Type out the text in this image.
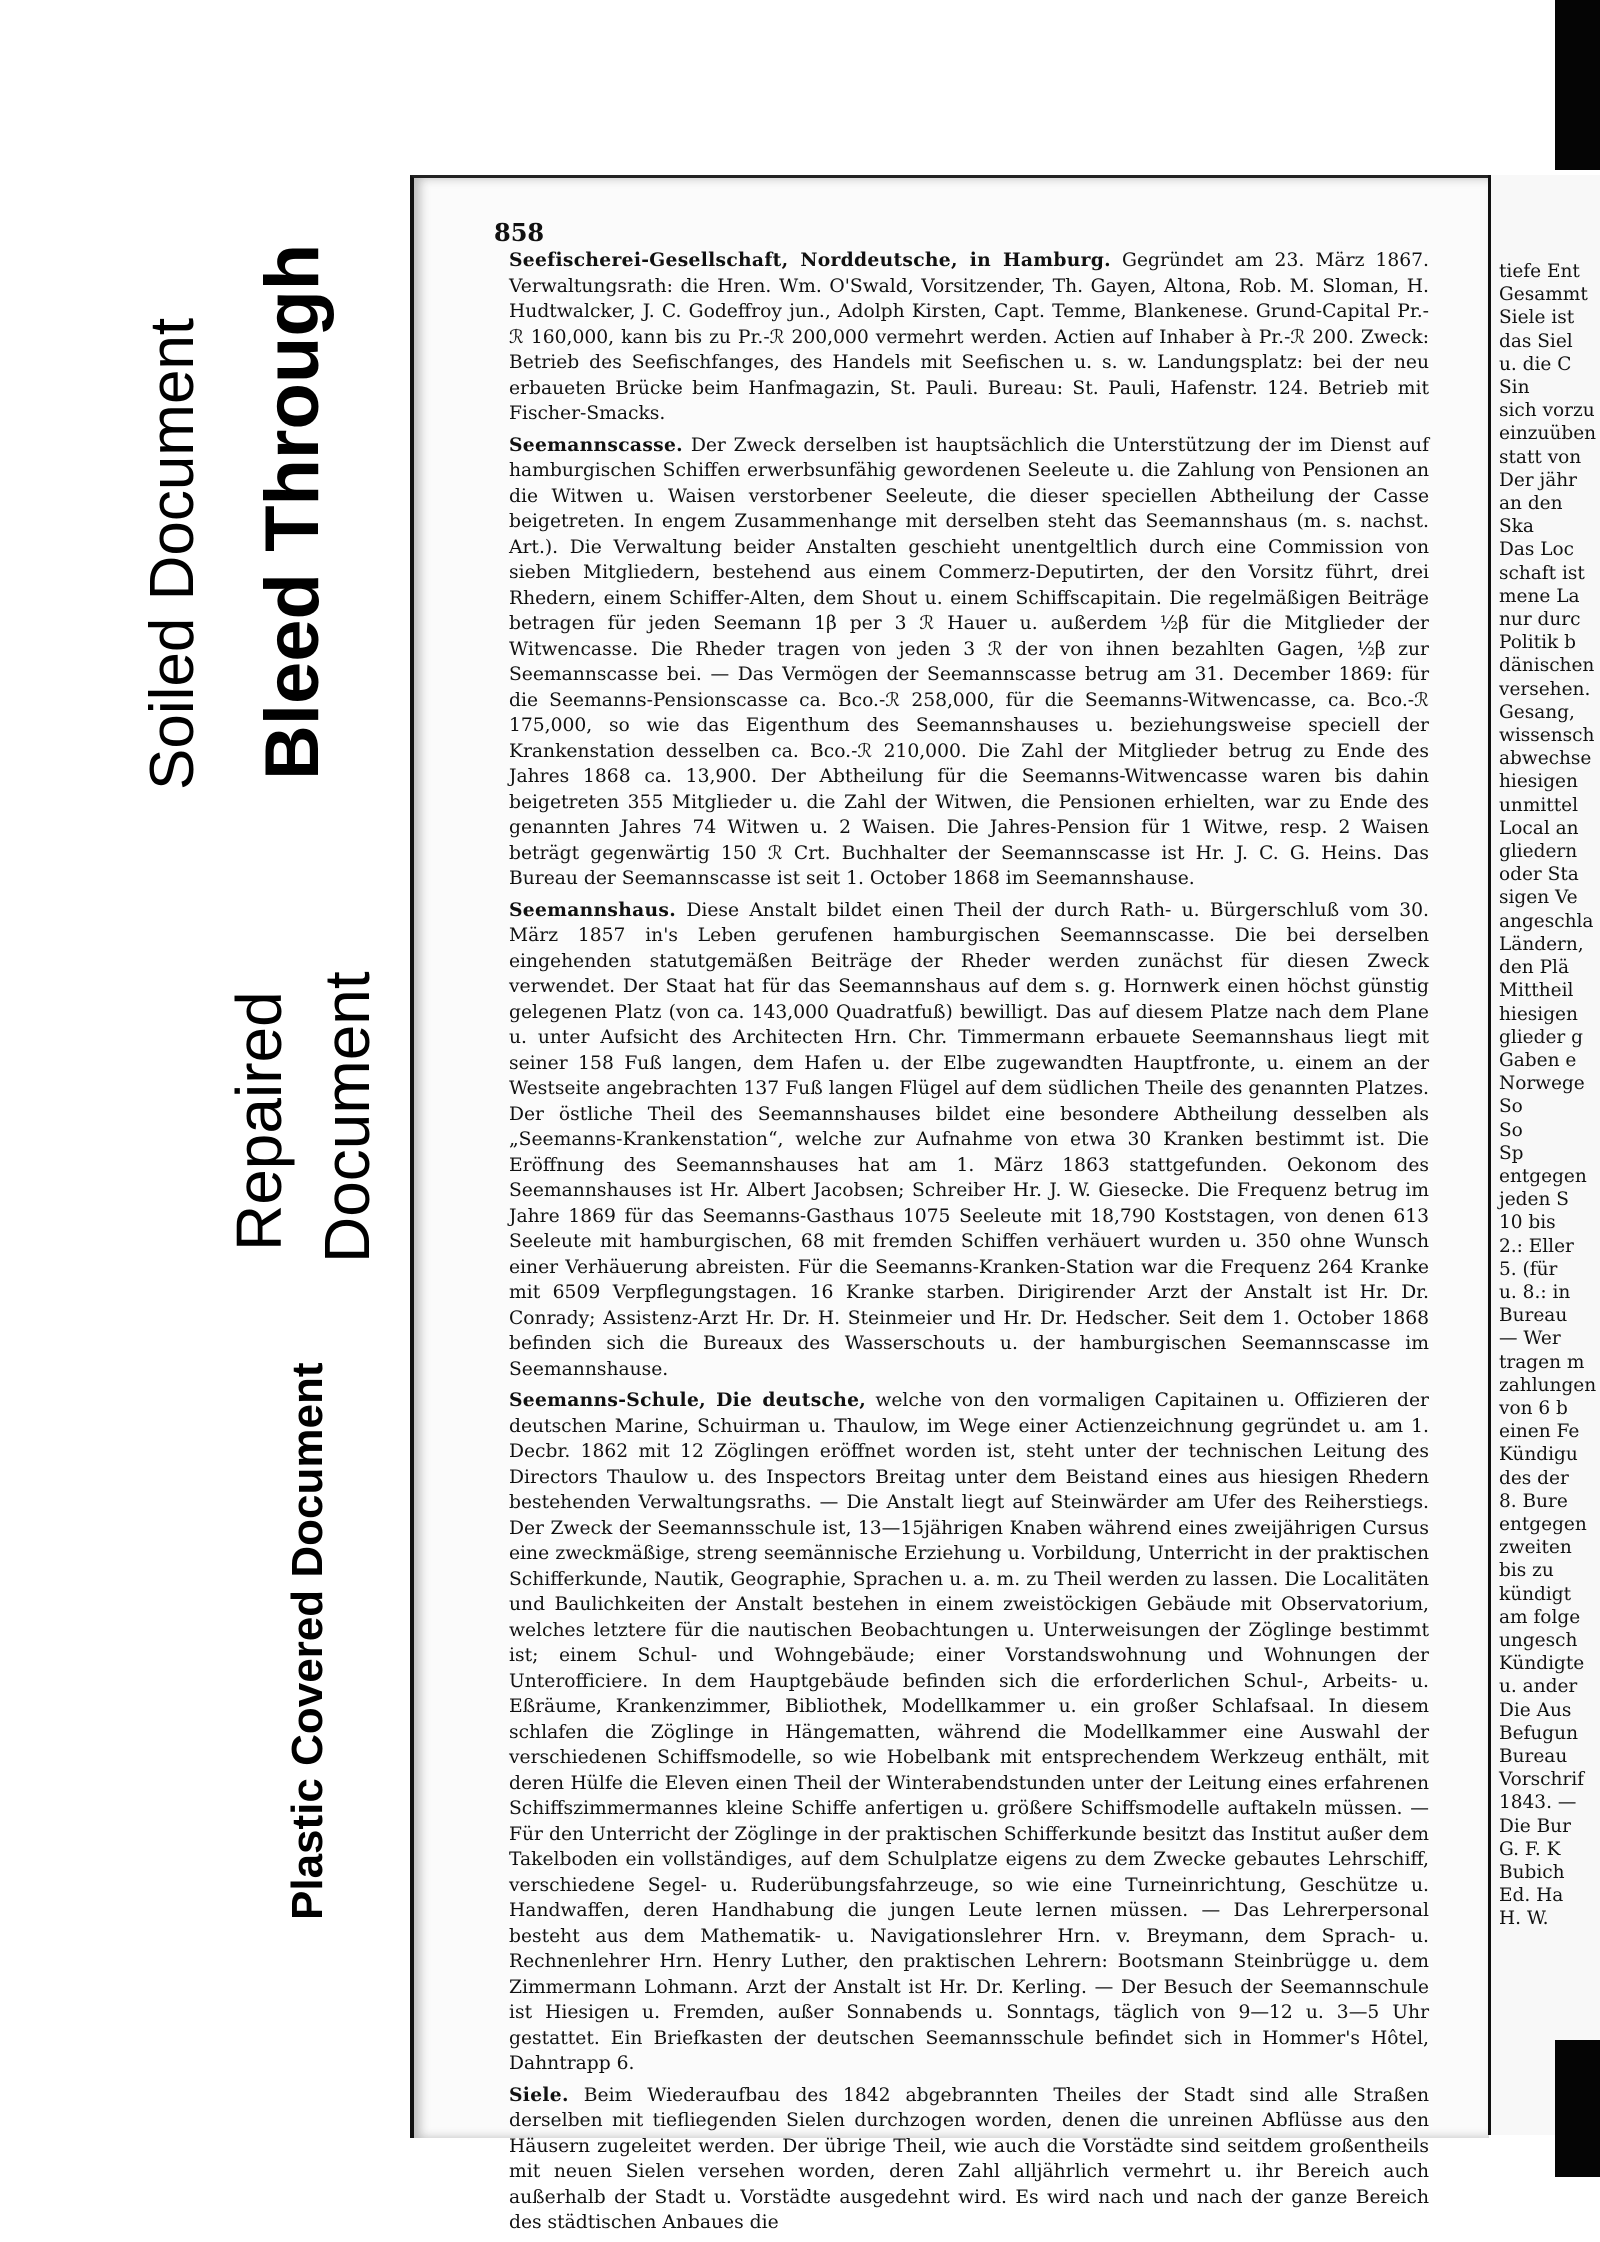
Soiled Document Bleed Through
Repaired Document
Plastic Covered Document
858

Seefischerei-Gesellschaft, Norddeutsche, in Hamburg. Gegründet am 23. März 1867. Verwaltungsrath: die Hren. Wm. O'Swald, Vorsitzender, Th. Gayen, Altona, Rob. M. Sloman, H. Hudtwalcker, J. C. Godeffroy jun., Adolph Kirsten, Capt. Temme, Blankenese. Grund-Capital Pr.-ℛ 160,000, kann bis zu Pr.-ℛ 200,000 vermehrt werden. Actien auf Inhaber à Pr.-ℛ 200. Zweck: Betrieb des Seefischfanges, des Handels mit Seefischen u. s. w. Landungsplatz: bei der neu erbaueten Brücke beim Hanfmagazin, St. Pauli. Bureau: St. Pauli, Hafenstr. 124. Betrieb mit Fischer-Smacks.

Seemannscasse. Der Zweck derselben ist hauptsächlich die Unterstützung der im Dienst auf hamburgischen Schiffen erwerbsunfähig gewordenen Seeleute u. die Zahlung von Pensionen an die Witwen u. Waisen verstorbener Seeleute, die dieser speciellen Abtheilung der Casse beigetreten. In engem Zusammenhange mit derselben steht das Seemannshaus (m. s. nachst. Art.). Die Verwaltung beider Anstalten geschieht unentgeltlich durch eine Commission von sieben Mitgliedern, bestehend aus einem Commerz-Deputirten, der den Vorsitz führt, drei Rhedern, einem Schiffer-Alten, dem Shout u. einem Schiffscapitain. Die regelmäßigen Beiträge betragen für jeden Seemann 1β per 3 ℛ Hauer u. außerdem ½β für die Mitglieder der Witwencasse. Die Rheder tragen von jeden 3 ℛ der von ihnen bezahlten Gagen, ½β zur Seemannscasse bei. — Das Vermögen der Seemannscasse betrug am 31. December 1869: für die Seemanns-Pensionscasse ca. Bco.-ℛ 258,000, für die Seemanns-Witwencasse, ca. Bco.-ℛ 175,000, so wie das Eigenthum des Seemannshauses u. beziehungsweise speciell der Krankenstation desselben ca. Bco.-ℛ 210,000. Die Zahl der Mitglieder betrug zu Ende des Jahres 1868 ca. 13,900. Der Abtheilung für die Seemanns-Witwencasse waren bis dahin beigetreten 355 Mitglieder u. die Zahl der Witwen, die Pensionen erhielten, war zu Ende des genannten Jahres 74 Witwen u. 2 Waisen. Die Jahres-Pension für 1 Witwe, resp. 2 Waisen beträgt gegenwärtig 150 ℛ Crt. Buchhalter der Seemannscasse ist Hr. J. C. G. Heins. Das Bureau der Seemannscasse ist seit 1. October 1868 im Seemannshause.

Seemannshaus. Diese Anstalt bildet einen Theil der durch Rath- u. Bürgerschluß vom 30. März 1857 in's Leben gerufenen hamburgischen Seemannscasse. Die bei derselben eingehenden statutgemäßen Beiträge der Rheder werden zunächst für diesen Zweck verwendet. Der Staat hat für das Seemannshaus auf dem s. g. Hornwerk einen höchst günstig gelegenen Platz (von ca. 143,000 Quadratfuß) bewilligt. Das auf diesem Platze nach dem Plane u. unter Aufsicht des Architecten Hrn. Chr. Timmermann erbauete Seemannshaus liegt mit seiner 158 Fuß langen, dem Hafen u. der Elbe zugewandten Hauptfronte, u. einem an der Westseite angebrachten 137 Fuß langen Flügel auf dem südlichen Theile des genannten Platzes. Der östliche Theil des Seemannshauses bildet eine besondere Abtheilung desselben als „Seemanns-Krankenstation“, welche zur Aufnahme von etwa 30 Kranken bestimmt ist. Die Eröffnung des Seemannshauses hat am 1. März 1863 stattgefunden. Oekonom des Seemannshauses ist Hr. Albert Jacobsen; Schreiber Hr. J. W. Giesecke. Die Frequenz betrug im Jahre 1869 für das Seemanns-Gasthaus 1075 Seeleute mit 18,790 Koststagen, von denen 613 Seeleute mit hamburgischen, 68 mit fremden Schiffen verhäuert wurden u. 350 ohne Wunsch einer Verhäuerung abreisten. Für die Seemanns-Kranken-Station war die Frequenz 264 Kranke mit 6509 Verpflegungstagen. 16 Kranke starben. Dirigirender Arzt der Anstalt ist Hr. Dr. Conrady; Assistenz-Arzt Hr. Dr. H. Steinmeier und Hr. Dr. Hedscher. Seit dem 1. October 1868 befinden sich die Bureaux des Wasserschouts u. der hamburgischen Seemannscasse im Seemannshause.

Seemanns-Schule, Die deutsche, welche von den vormaligen Capitainen u. Offizieren der deutschen Marine, Schuirman u. Thaulow, im Wege einer Actienzeichnung gegründet u. am 1. Decbr. 1862 mit 12 Zöglingen eröffnet worden ist, steht unter der technischen Leitung des Directors Thaulow u. des Inspectors Breitag unter dem Beistand eines aus hiesigen Rhedern bestehenden Verwaltungsraths. — Die Anstalt liegt auf Steinwärder am Ufer des Reiherstiegs. Der Zweck der Seemannsschule ist, 13—15jährigen Knaben während eines zweijährigen Cursus eine zweckmäßige, streng seemännische Erziehung u. Vorbildung, Unterricht in der praktischen Schifferkunde, Nautik, Geographie, Sprachen u. a. m. zu Theil werden zu lassen. Die Localitäten und Baulichkeiten der Anstalt bestehen in einem zweistöckigen Gebäude mit Observatorium, welches letztere für die nautischen Beobachtungen u. Unterweisungen der Zöglinge bestimmt ist; einem Schul- und Wohngebäude; einer Vorstandswohnung und Wohnungen der Unterofficiere. In dem Hauptgebäude befinden sich die erforderlichen Schul-, Arbeits- u. Eßräume, Krankenzimmer, Bibliothek, Modellkammer u. ein großer Schlafsaal. In diesem schlafen die Zöglinge in Hängematten, während die Modellkammer eine Auswahl der verschiedenen Schiffsmodelle, so wie Hobelbank mit entsprechendem Werkzeug enthält, mit deren Hülfe die Eleven einen Theil der Winterabendstunden unter der Leitung eines erfahrenen Schiffszimmermannes kleine Schiffe anfertigen u. größere Schiffsmodelle auftakeln müssen. — Für den Unterricht der Zöglinge in der praktischen Schifferkunde besitzt das Institut außer dem Takelboden ein vollständiges, auf dem Schulplatze eigens zu dem Zwecke gebautes Lehrschiff, verschiedene Segel- u. Ruderübungsfahrzeuge, so wie eine Turneinrichtung, Geschütze u. Handwaffen, deren Handhabung die jungen Leute lernen müssen. — Das Lehrerpersonal besteht aus dem Mathematik- u. Navigationslehrer Hrn. v. Breymann, dem Sprach- u. Rechnenlehrer Hrn. Henry Luther, den praktischen Lehrern: Bootsmann Steinbrügge u. dem Zimmermann Lohmann. Arzt der Anstalt ist Hr. Dr. Kerling. — Der Besuch der Seemannschule ist Hiesigen u. Fremden, außer Sonnabends u. Sonntags, täglich von 9—12 u. 3—5 Uhr gestattet. Ein Briefkasten der deutschen Seemannsschule befindet sich in Hommer's Hôtel, Dahntrapp 6.

Siele. Beim Wiederaufbau des 1842 abgebrannten Theiles der Stadt sind alle Straßen derselben mit tiefliegenden Sielen durchzogen worden, denen die unreinen Abflüsse aus den Häusern zugeleitet werden. Der übrige Theil, wie auch die Vorstädte sind seitdem großentheils mit neuen Sielen versehen worden, deren Zahl alljährlich vermehrt u. ihr Bereich auch außerhalb der Stadt u. Vorstädte ausgedehnt wird. Es wird nach und nach der ganze Bereich des städtischen Anbaues die

tiefe Ent
Gesammt
Siele ist
das Siel
u. die C
Sin
sich vorzu
einzuüben
statt von
Der jähr
an den
Ska
Das Loc
schaft ist
mene La
nur durc
Politik b
dänischen
versehen.
Gesang,
wissensch
abwechse
hiesigen
unmittel
Local an
gliedern
oder Sta
sigen Ve
angeschla
Ländern,
den Plä
Mittheil
hiesigen
glieder g
Gaben e
Norwege
So
So
Sp
entgegen
jeden S
10 bis
2.: Eller
5. (für
u. 8.: in
Bureau
— Wer
tragen m
zahlungen
von 6 b
einen Fe
Kündigu
des der
8. Bure
entgegen
zweiten
bis zu
kündigt
am folge
ungesch
Kündigte
u. ander
Die Aus
Befugun
Bureau
Vorschrif
1843. —
Die Bur
G. F. K
Bubich
Ed. Ha
H. W.
